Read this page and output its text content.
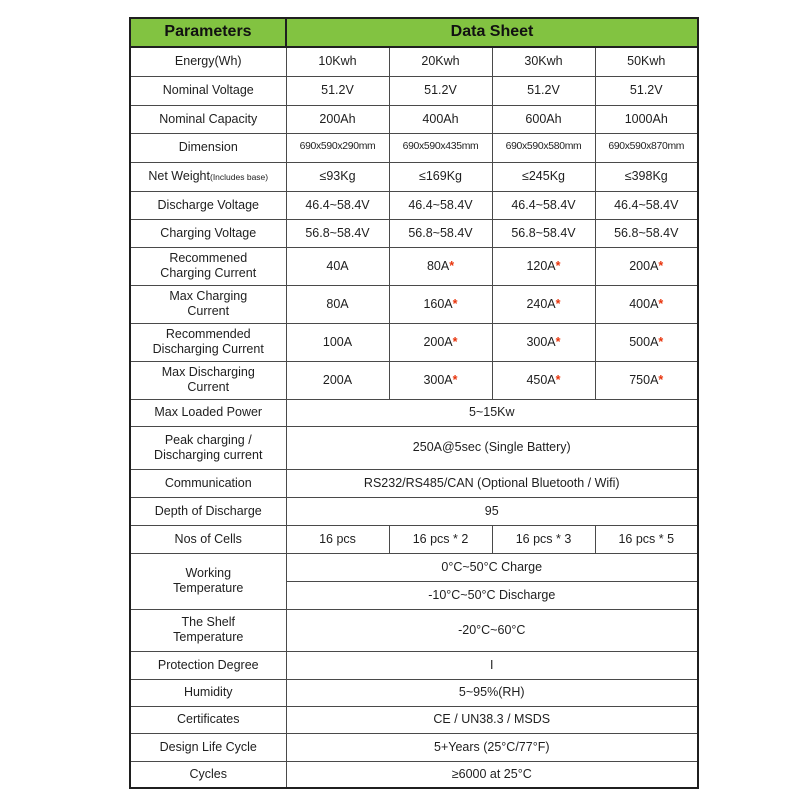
Parameters	Data Sheet			
Energy(Wh)	10Kwh	20Kwh	30Kwh	50Kwh
Nominal Voltage	51.2V	51.2V	51.2V	51.2V
Nominal Capacity	200Ah	400Ah	600Ah	1000Ah
Dimension	690x590x290mm	690x590x435mm	690x590x580mm	690x590x870mm
Net Weight(Includes base)	≤93Kg	≤169Kg	≤245Kg	≤398Kg
Discharge Voltage	46.4~58.4V	46.4~58.4V	46.4~58.4V	46.4~58.4V
Charging Voltage	56.8~58.4V	56.8~58.4V	56.8~58.4V	56.8~58.4V

Recommened
Charging Current	40A	80A*	120A*	200A*

Max Charging
Current	80A	160A*	240A*	400A*

Recommended
Discharging Current	100A	200A*	300A*	500A*

Max Discharging
Current	200A	300A*	450A*	750A*
Max Loaded Power	5~15Kw			

Peak charging /
Discharging current	250A@5sec (Single Battery)			
Communication	RS232/RS485/CAN (Optional Bluetooth / Wifi)			
Depth of Discharge	95			
Nos of Cells	16 pcs	16 pcs * 2	16 pcs * 3	16 pcs * 5

Working
Temperature	0°C~50°C Charge			
	-10°C~50°C Discharge			

The Shelf
Temperature	-20°C~60°C			
Protection Degree	I			
Humidity	5~95%(RH)			
Certificates	CE / UN38.3 / MSDS			
Design Life Cycle	5+Years (25°C/77°F)			
Cycles	≥6000 at 25°C			
